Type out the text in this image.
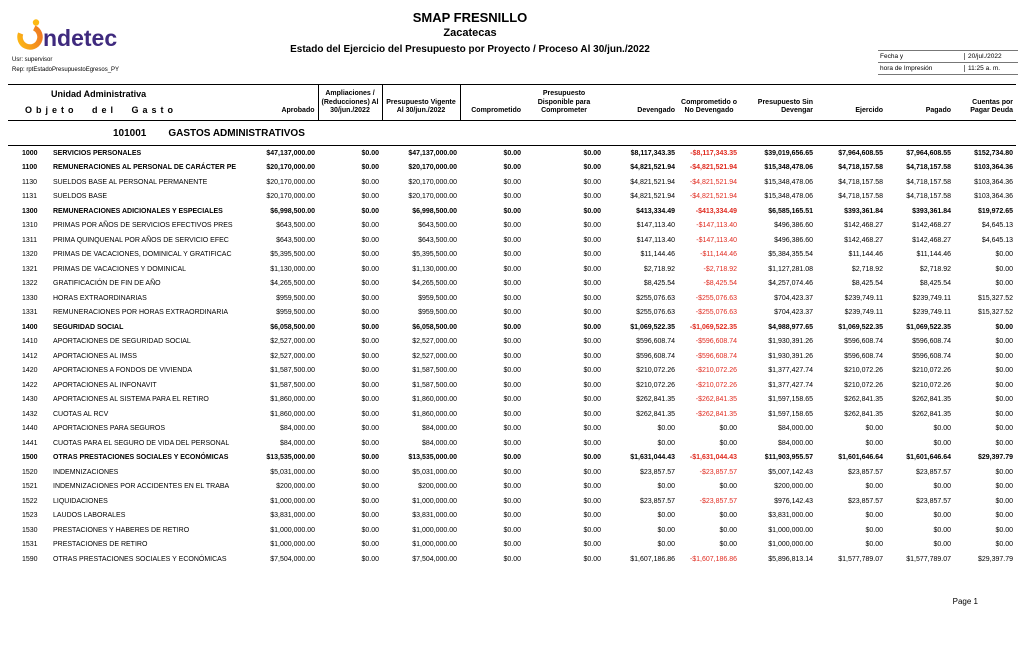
ndetec
Usr: supervisor
Rep: rptEstadoPresupuestoEgresos_PY
SMAP FRESNILLO
Zacatecas
Estado del Ejercicio del Presupuesto por Proyecto / Proceso Al 30/jun./2022
Fecha y	20/jul./2022
hora de Impresión	11:25 a. m.
Unidad Administrativa
Objeto del Gasto		Aprobado	Ampliaciones / (Reducciones) Al 30/jun./2022	Presupuesto Vigente Al 30/jun./2022	Comprometido	Presupuesto Disponible para Comprometer	Devengado	Comprometido o No Devengado	Presupuesto Sin Devengar	Ejercido	Pagado	Cuentas por Pagar Deuda
101001 GASTOS ADMINISTRATIVOS												
1000	SERVICIOS PERSONALES	$47,137,000.00	$0.00	$47,137,000.00	$0.00	$0.00	$8,117,343.35	-$8,117,343.35	$39,019,656.65	$7,964,608.55	$7,964,608.55	$152,734.80
1100	REMUNERACIONES AL PERSONAL DE CARÁCTER PE	$20,170,000.00	$0.00	$20,170,000.00	$0.00	$0.00	$4,821,521.94	-$4,821,521.94	$15,348,478.06	$4,718,157.58	$4,718,157.58	$103,364.36
1130	SUELDOS BASE AL PERSONAL PERMANENTE	$20,170,000.00	$0.00	$20,170,000.00	$0.00	$0.00	$4,821,521.94	-$4,821,521.94	$15,348,478.06	$4,718,157.58	$4,718,157.58	$103,364.36
1131	SUELDOS BASE	$20,170,000.00	$0.00	$20,170,000.00	$0.00	$0.00	$4,821,521.94	-$4,821,521.94	$15,348,478.06	$4,718,157.58	$4,718,157.58	$103,364.36
1300	REMUNERACIONES ADICIONALES Y ESPECIALES	$6,998,500.00	$0.00	$6,998,500.00	$0.00	$0.00	$413,334.49	-$413,334.49	$6,585,165.51	$393,361.84	$393,361.84	$19,972.65
1310	PRIMAS POR AÑOS DE SERVICIOS EFECTIVOS PRES	$643,500.00	$0.00	$643,500.00	$0.00	$0.00	$147,113.40	-$147,113.40	$496,386.60	$142,468.27	$142,468.27	$4,645.13
1311	PRIMA QUINQUENAL POR AÑOS DE SERVICIO EFEC	$643,500.00	$0.00	$643,500.00	$0.00	$0.00	$147,113.40	-$147,113.40	$496,386.60	$142,468.27	$142,468.27	$4,645.13
1320	PRIMAS DE VACACIONES, DOMINICAL Y GRATIFICAC	$5,395,500.00	$0.00	$5,395,500.00	$0.00	$0.00	$11,144.46	-$11,144.46	$5,384,355.54	$11,144.46	$11,144.46	$0.00
1321	PRIMAS DE VACACIONES Y DOMINICAL	$1,130,000.00	$0.00	$1,130,000.00	$0.00	$0.00	$2,718.92	-$2,718.92	$1,127,281.08	$2,718.92	$2,718.92	$0.00
1322	GRATIFICACIÓN DE FIN DE AÑO	$4,265,500.00	$0.00	$4,265,500.00	$0.00	$0.00	$8,425.54	-$8,425.54	$4,257,074.46	$8,425.54	$8,425.54	$0.00
1330	HORAS EXTRAORDINARIAS	$959,500.00	$0.00	$959,500.00	$0.00	$0.00	$255,076.63	-$255,076.63	$704,423.37	$239,749.11	$239,749.11	$15,327.52
1331	REMUNERACIONES POR HORAS EXTRAORDINARIA	$959,500.00	$0.00	$959,500.00	$0.00	$0.00	$255,076.63	-$255,076.63	$704,423.37	$239,749.11	$239,749.11	$15,327.52
1400	SEGURIDAD SOCIAL	$6,058,500.00	$0.00	$6,058,500.00	$0.00	$0.00	$1,069,522.35	-$1,069,522.35	$4,988,977.65	$1,069,522.35	$1,069,522.35	$0.00
1410	APORTACIONES DE SEGURIDAD SOCIAL	$2,527,000.00	$0.00	$2,527,000.00	$0.00	$0.00	$596,608.74	-$596,608.74	$1,930,391.26	$596,608.74	$596,608.74	$0.00
1412	APORTACIONES AL IMSS	$2,527,000.00	$0.00	$2,527,000.00	$0.00	$0.00	$596,608.74	-$596,608.74	$1,930,391.26	$596,608.74	$596,608.74	$0.00
1420	APORTACIONES A FONDOS DE VIVIENDA	$1,587,500.00	$0.00	$1,587,500.00	$0.00	$0.00	$210,072.26	-$210,072.26	$1,377,427.74	$210,072.26	$210,072.26	$0.00
1422	APORTACIONES AL INFONAVIT	$1,587,500.00	$0.00	$1,587,500.00	$0.00	$0.00	$210,072.26	-$210,072.26	$1,377,427.74	$210,072.26	$210,072.26	$0.00
1430	APORTACIONES AL SISTEMA PARA EL RETIRO	$1,860,000.00	$0.00	$1,860,000.00	$0.00	$0.00	$262,841.35	-$262,841.35	$1,597,158.65	$262,841.35	$262,841.35	$0.00
1432	CUOTAS AL RCV	$1,860,000.00	$0.00	$1,860,000.00	$0.00	$0.00	$262,841.35	-$262,841.35	$1,597,158.65	$262,841.35	$262,841.35	$0.00
1440	APORTACIONES PARA SEGUROS	$84,000.00	$0.00	$84,000.00	$0.00	$0.00	$0.00	$0.00	$84,000.00	$0.00	$0.00	$0.00
1441	CUOTAS PARA EL SEGURO DE VIDA DEL PERSONAL	$84,000.00	$0.00	$84,000.00	$0.00	$0.00	$0.00	$0.00	$84,000.00	$0.00	$0.00	$0.00
1500	OTRAS PRESTACIONES SOCIALES Y ECONÓMICAS	$13,535,000.00	$0.00	$13,535,000.00	$0.00	$0.00	$1,631,044.43	-$1,631,044.43	$11,903,955.57	$1,601,646.64	$1,601,646.64	$29,397.79
1520	INDEMNIZACIONES	$5,031,000.00	$0.00	$5,031,000.00	$0.00	$0.00	$23,857.57	-$23,857.57	$5,007,142.43	$23,857.57	$23,857.57	$0.00
1521	INDEMNIZACIONES POR ACCIDENTES EN EL TRABA	$200,000.00	$0.00	$200,000.00	$0.00	$0.00	$0.00	$0.00	$200,000.00	$0.00	$0.00	$0.00
1522	LIQUIDACIONES	$1,000,000.00	$0.00	$1,000,000.00	$0.00	$0.00	$23,857.57	-$23,857.57	$976,142.43	$23,857.57	$23,857.57	$0.00
1523	LAUDOS LABORALES	$3,831,000.00	$0.00	$3,831,000.00	$0.00	$0.00	$0.00	$0.00	$3,831,000.00	$0.00	$0.00	$0.00
1530	PRESTACIONES Y HABERES DE RETIRO	$1,000,000.00	$0.00	$1,000,000.00	$0.00	$0.00	$0.00	$0.00	$1,000,000.00	$0.00	$0.00	$0.00
1531	PRESTACIONES DE RETIRO	$1,000,000.00	$0.00	$1,000,000.00	$0.00	$0.00	$0.00	$0.00	$1,000,000.00	$0.00	$0.00	$0.00
1590	OTRAS PRESTACIONES SOCIALES Y ECONÓMICAS	$7,504,000.00	$0.00	$7,504,000.00	$0.00	$0.00	$1,607,186.86	-$1,607,186.86	$5,896,813.14	$1,577,789.07	$1,577,789.07	$29,397.79
Page 1
